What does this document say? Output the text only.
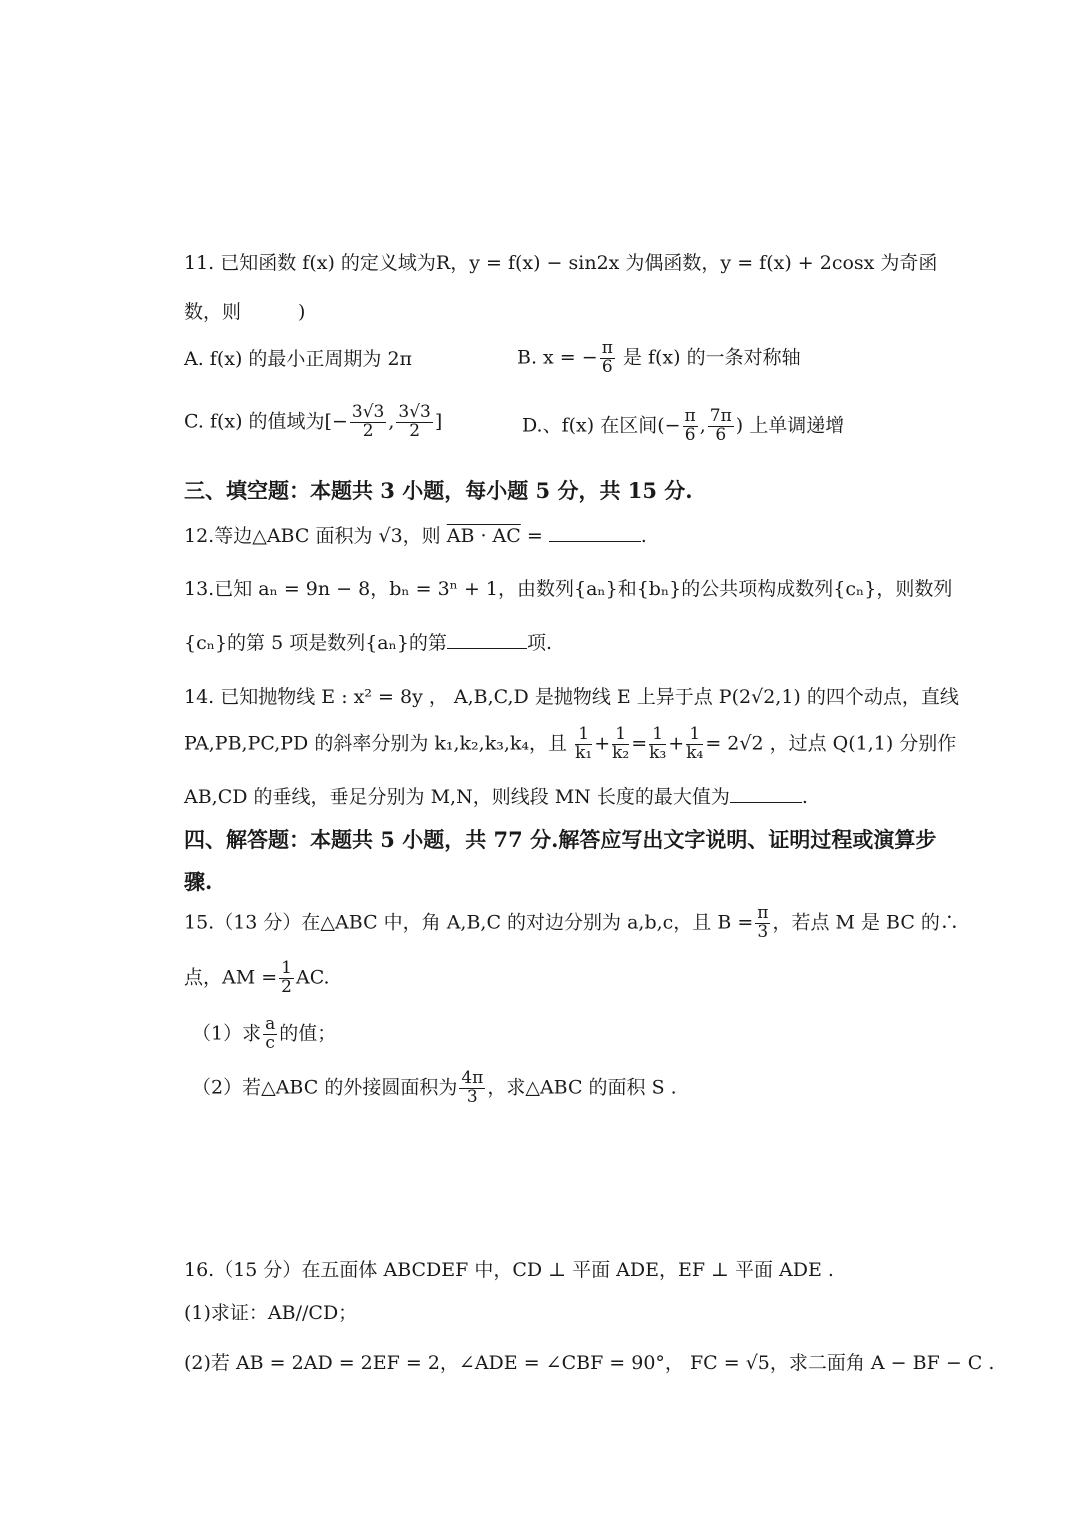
11. 已知函数 f(x) 的定义域为R，y = f(x) − sin2x 为偶函数，y = f(x) + 2cosx 为奇函
数，则　　　)
A. f(x) 的最小正周期为 2π	B. x = − $\frac{\pi}{6}$ 是 f(x) 的一条对称轴
C. f(x) 的值域为[− $\frac{3√3}{2}$ , $\frac{3√3}{2}$ ]	D.、f(x) 在区间(− $\frac{\pi}{6}$ , $\frac{7\pi}{6}$ ) 上单调递增
三、填空题：本题共 3 小题，每小题 5 分，共 15 分.
12.等边△ABC 面积为 √3，则 AB · AC =	.
13.已知 aₙ = 9n − 8，bₙ = 3ⁿ + 1，由数列{aₙ}和{bₙ}的公共项构成数列{cₙ}，则数列
{cₙ}的第 5 项是数列{aₙ}的第	项.
14. 已知抛物线 E : x² = 8y ， A,B,C,D 是抛物线 E 上异于点 P(2√2,1) 的四个动点，直线
PA,PB,PC,PD 的斜率分别为 k₁,k₂,k₃,k₄，且 $\frac{1}{\text{k₁}} + \frac{1}{\text{k₂}} = \frac{1}{\text{k₃}} + \frac{1}{\text{k₄}} = 2√2$ ，过点 Q(1,1) 分别作
AB,CD 的垂线，垂足分别为 M,N，则线段 MN 长度的最大值为	.
四、解答题：本题共 5 小题，共 77 分.解答应写出文字说明、证明过程或演算步
骤.
15.（13 分）在△ABC 中，角 A,B,C 的对边分别为 a,b,c，且 $B = \frac{\pi}{3}$ ，若点 M 是 BC 的∴
点，AM = $\frac{1}{2}$ AC.
（1）求 $\frac{a}{c}$ 的值；
（2）若△ABC 的外接圆面积为 $\frac{4\pi}{3}$ ，求△ABC 的面积 S .
16.（15 分）在五面体 ABCDEF 中，CD ⊥ 平面 ADE，EF ⊥ 平面 ADE .
(1)求证：AB//CD；
(2)若 AB = 2AD = 2EF = 2，∠ADE = ∠CBF = 90°， FC = √5，求二面角 A − BF − C .
